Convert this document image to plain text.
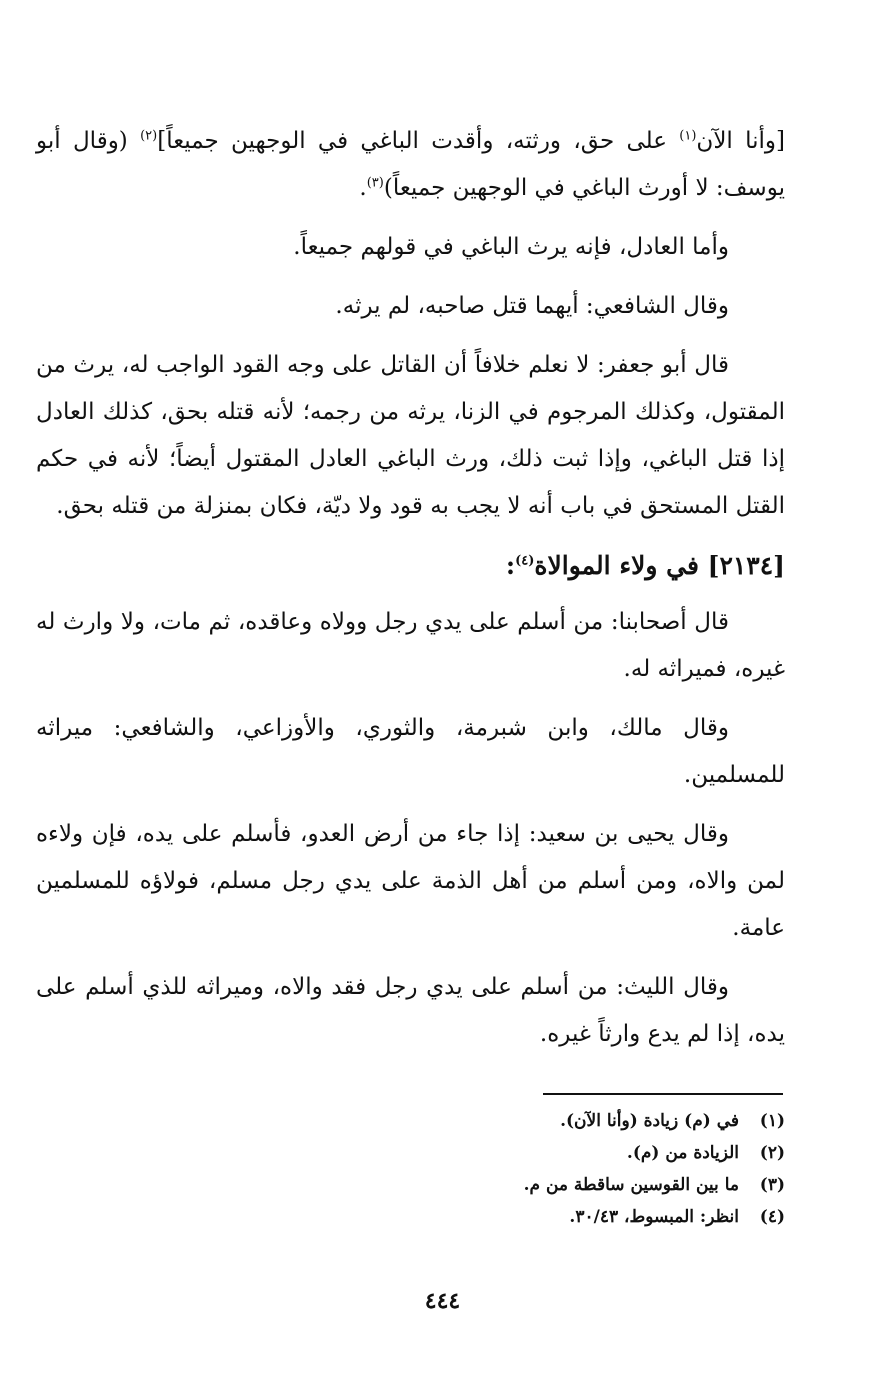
[وأنا الآن$^{(١)}$ على حق، ورثته، وأقدت الباغي في الوجهين جميعاً]$^{(٢)}$ (وقال أبو يوسف: لا أورث الباغي في الوجهين جميعاً)$^{(٣)}$.

وأما العادل، فإنه يرث الباغي في قولهم جميعاً.

وقال الشافعي: أيهما قتل صاحبه، لم يرثه.

قال أبو جعفر: لا نعلم خلافاً أن القاتل على وجه القود الواجب له، يرث من المقتول، وكذلك المرجوم في الزنا، يرثه من رجمه؛ لأنه قتله بحق، كذلك العادل إذا قتل الباغي، وإذا ثبت ذلك، ورث الباغي العادل المقتول أيضاً؛ لأنه في حكم القتل المستحق في باب أنه لا يجب به قود ولا ديّة، فكان بمنزلة من قتله بحق.

[٢١٣٤] في ولاء الموالاة$^{(٤)}$:

قال أصحابنا: من أسلم على يدي رجل وولاه وعاقده، ثم مات، ولا وارث له غيره، فميراثه له.

وقال مالك، وابن شبرمة، والثوري، والأوزاعي، والشافعي: ميراثه للمسلمين.

وقال يحيى بن سعيد: إذا جاء من أرض العدو، فأسلم على يده، فإن ولاءه لمن والاه، ومن أسلم من أهل الذمة على يدي رجل مسلم، فولاؤه للمسلمين عامة.

وقال الليث: من أسلم على يدي رجل فقد والاه، وميراثه للذي أسلم على يده، إذا لم يدع وارثاً غيره.

(١)
في (م) زيادة (وأنا الآن).
(٢)
الزيادة من (م).
(٣)
ما بين القوسين ساقطة من م.
(٤)
انظر: المبسوط، ٣٠/٤٣.
٤٤٤
